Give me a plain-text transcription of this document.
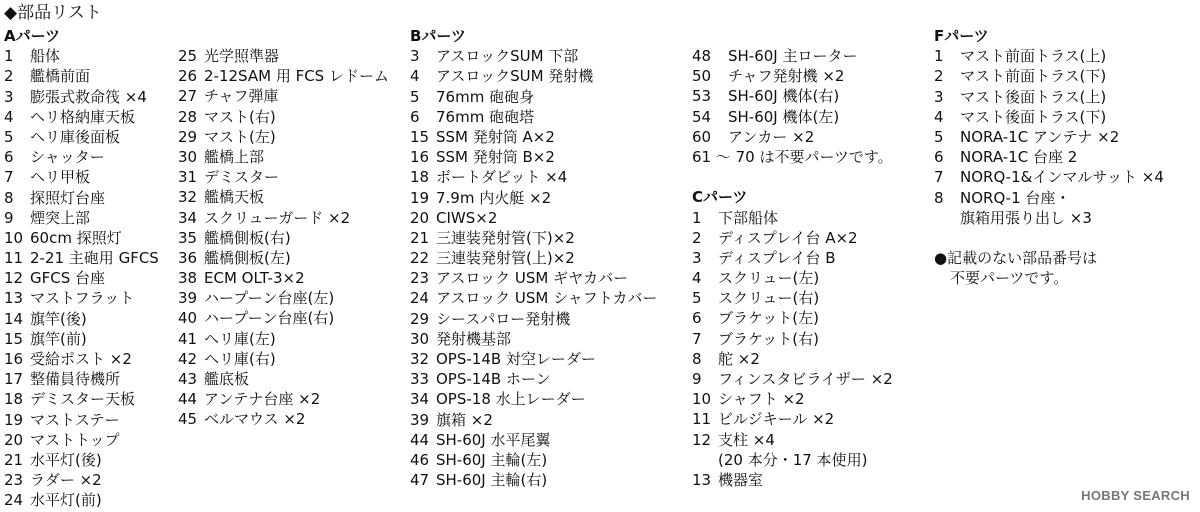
◆部品リスト
Aパーツ
1	船体
2	艦橋前面
3	膨張式救命筏 ×4
4	ヘリ格納庫天板
5	ヘリ庫後面板
6	シャッター
7	ヘリ甲板
8	探照灯台座
9	煙突上部
10 60cm 探照灯
11 2-21 主砲用 GFCS
12 GFCS 台座
13 マストフラット
14 旗竿(後)
15 旗竿(前)
16 受給ポスト ×2
17 整備員待機所
18 デミスター天板
19 マストステー
20 マストトップ
21 水平灯(後)
23 ラダー ×2
24 水平灯(前)
25 光学照準器
26 2-12SAM 用 FCS レドーム
27 チャフ弾庫
28 マスト(右)
29 マスト(左)
30 艦橋上部
31 デミスター
32 艦橋天板
34 スクリューガード ×2
35 艦橋側板(右)
36 艦橋側板(左)
38 ECM OLT-3×2
39 ハープーン台座(左)
40 ハープーン台座(右)
41 ヘリ庫(左)
42 ヘリ庫(右)
43 艦底板
44 アンテナ台座 ×2
45 ベルマウス ×2
Bパーツ
3	アスロックSUM 下部
4	アスロックSUM 発射機
5	76mm 砲砲身
6	76mm 砲砲塔
15 SSM 発射筒 A×2
16 SSM 発射筒 B×2
18 ボートダビット ×4
19 7.9m 内火艇 ×2
20 CIWS×2
21 三連装発射管(下)×2
22 三連装発射管(上)×2
23 アスロック USM ギヤカバー
24 アスロック USM シャフトカバー
29 シースパロー発射機
30 発射機基部
32 OPS-14B 対空レーダー
33 OPS-14B ホーン
34 OPS-18 水上レーダー
39 旗箱 ×2
44 SH-60J 水平尾翼
46 SH-60J 主輪(左)
47 SH-60J 主輪(右)
48	SH-60J 主ローター
50	チャフ発射機 ×2
53	SH-60J 機体(右)
54	SH-60J 機体(左)
60	アンカー ×2
61 ～ 70 は不要パーツです。
Cパーツ
1	下部船体
2	ディスプレイ台 A×2
3	ディスプレイ台 B
4	スクリュー(左)
5	スクリュー(右)
6	ブラケット(左)
7	ブラケット(右)
8	舵 ×2
9	フィンスタビライザー ×2
10 シャフト ×2
11 ビルジキール ×2
12 支柱 ×4
(20 本分・17 本使用)
13 機器室
Fパーツ
1	マスト前面トラス(上)
2	マスト前面トラス(下)
3	マスト後面トラス(上)
4	マスト後面トラス(下)
5	NORA-1C アンテナ ×2
6	NORA-1C 台座 2
7	NORQ-1&インマルサット ×4
8	NORQ-1 台座・
旗箱用張り出し ×3
●記載のない部品番号は
不要パーツです。
HOBBY SEARCH
